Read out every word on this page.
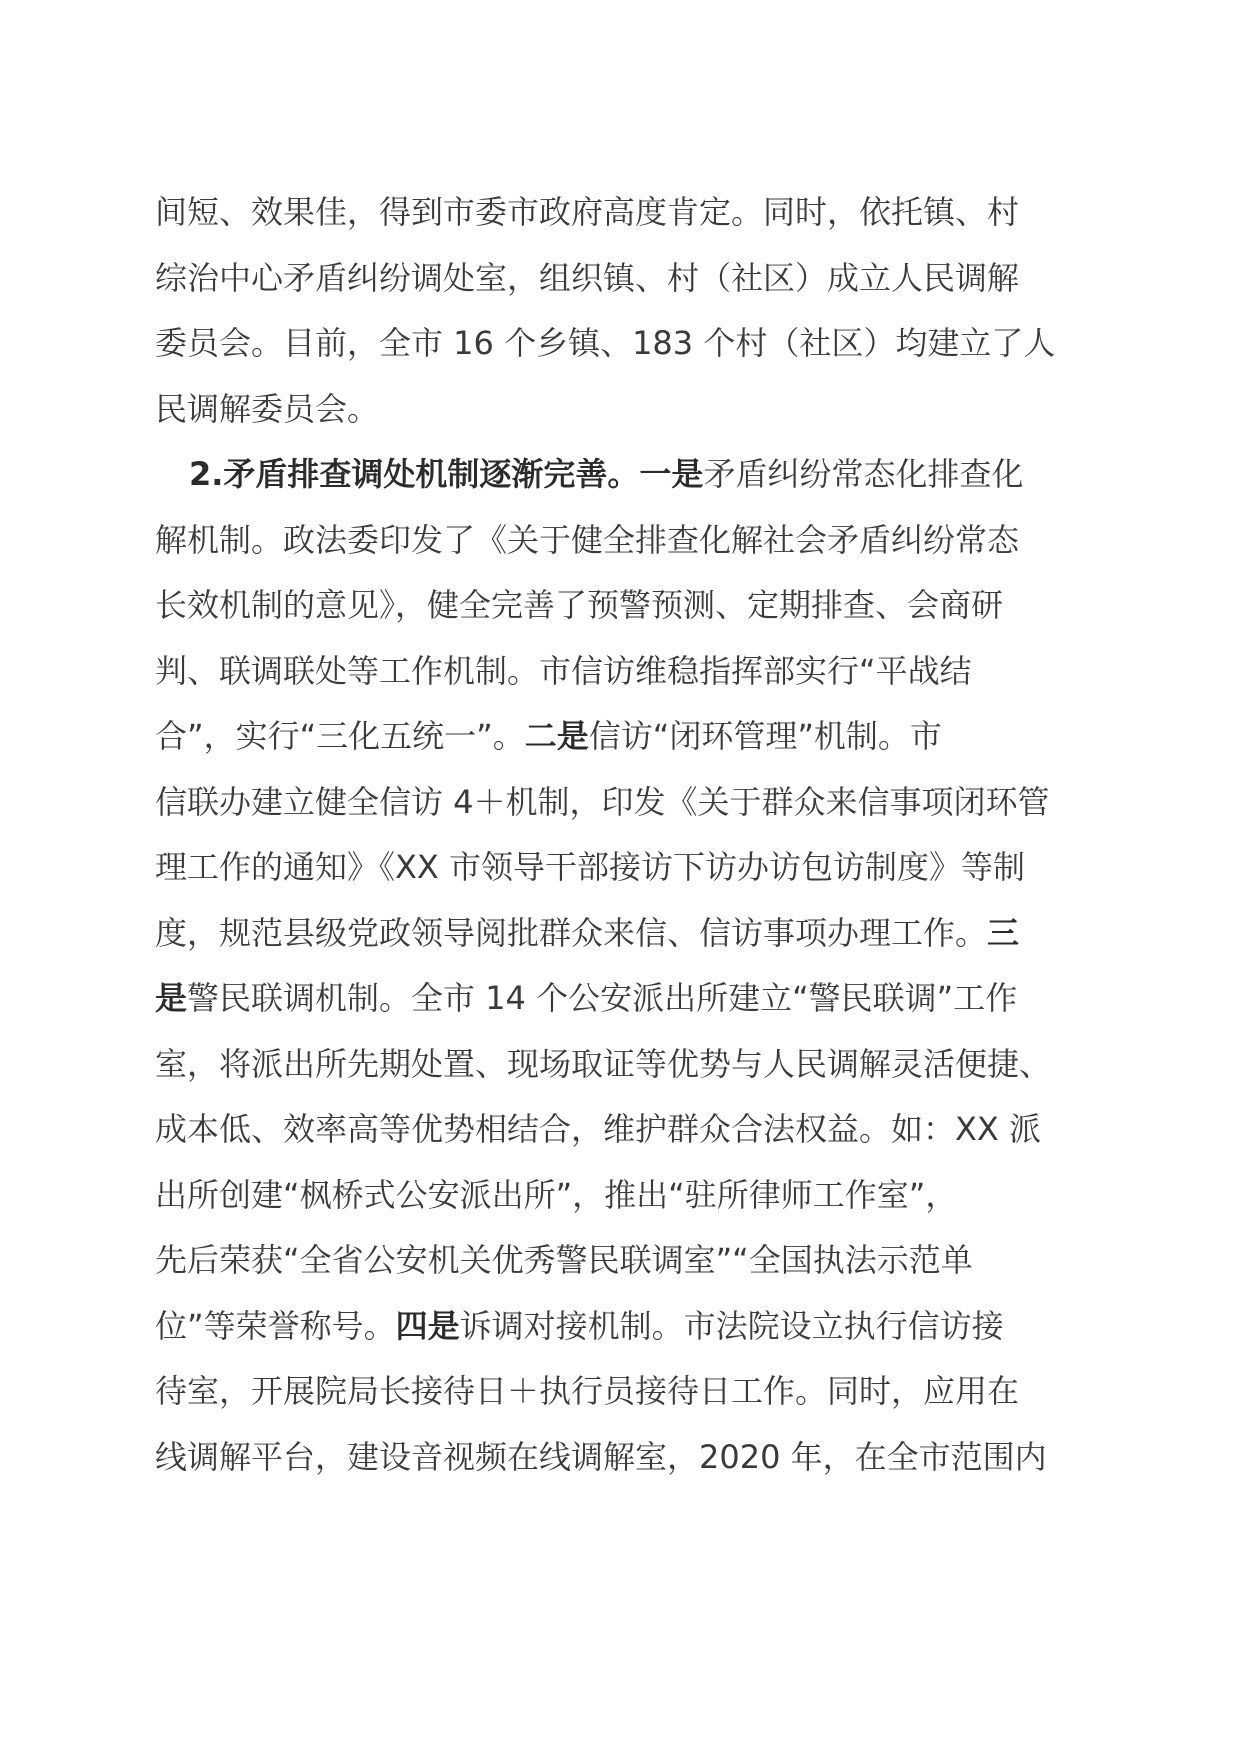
间短、效果佳，得到市委市政府高度肯定。同时，依托镇、村
综治中心矛盾纠纷调处室，组织镇、村（社区）成立人民调解
委员会。目前，全市 16 个乡镇、183 个村（社区）均建立了人
民调解委员会。
2.矛盾排查调处机制逐渐完善。一是矛盾纠纷常态化排查化
解机制。政法委印发了《关于健全排查化解社会矛盾纠纷常态
长效机制的意见》，健全完善了预警预测、定期排查、会商研
判、联调联处等工作机制。市信访维稳指挥部实行“平战结
合”，实行“三化五统一”。二是信访“闭环管理”机制。市
信联办建立健全信访 4＋机制，印发《关于群众来信事项闭环管
理工作的通知》《XX 市领导干部接访下访办访包访制度》等制
度，规范县级党政领导阅批群众来信、信访事项办理工作。三
是警民联调机制。全市 14 个公安派出所建立“警民联调”工作
室，将派出所先期处置、现场取证等优势与人民调解灵活便捷、
成本低、效率高等优势相结合，维护群众合法权益。如：XX 派
出所创建“枫桥式公安派出所”，推出“驻所律师工作室”，
先后荣获“全省公安机关优秀警民联调室”“全国执法示范单
位”等荣誉称号。四是诉调对接机制。市法院设立执行信访接
待室，开展院局长接待日＋执行员接待日工作。同时，应用在
线调解平台，建设音视频在线调解室，2020 年，在全市范围内
